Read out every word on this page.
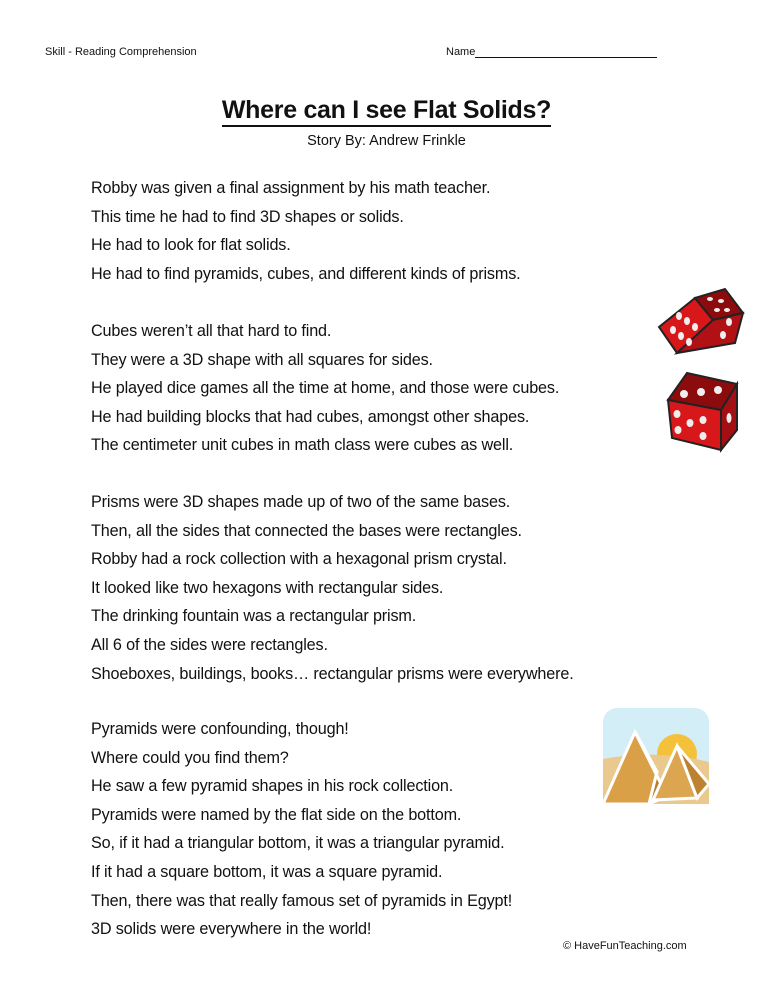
Skill - Reading Comprehension	Name
Where can I see Flat Solids?
Story By: Andrew Frinkle
Robby was given a final assignment by his math teacher.
This time he had to find 3D shapes or solids.
He had to look for flat solids.
He had to find pyramids, cubes, and different kinds of prisms.
Cubes weren’t all that hard to find.
They were a 3D shape with all squares for sides.
He played dice games all the time at home, and those were cubes.
He had building blocks that had cubes, amongst other shapes.
The centimeter unit cubes in math class were cubes as well.
Prisms were 3D shapes made up of two of the same bases.
Then, all the sides that connected the bases were rectangles.
Robby had a rock collection with a hexagonal prism crystal.
It looked like two hexagons with rectangular sides.
The drinking fountain was a rectangular prism.
All 6 of the sides were rectangles.
Shoeboxes, buildings, books… rectangular prisms were everywhere.
Pyramids were confounding, though!
Where could you find them?
He saw a few pyramid shapes in his rock collection.
Pyramids were named by the flat side on the bottom.
So, if it had a triangular bottom, it was a triangular pyramid.
If it had a square bottom, it was a square pyramid.
Then, there was that really famous set of pyramids in Egypt!
3D solids were everywhere in the world!
© HaveFunTeaching.com
